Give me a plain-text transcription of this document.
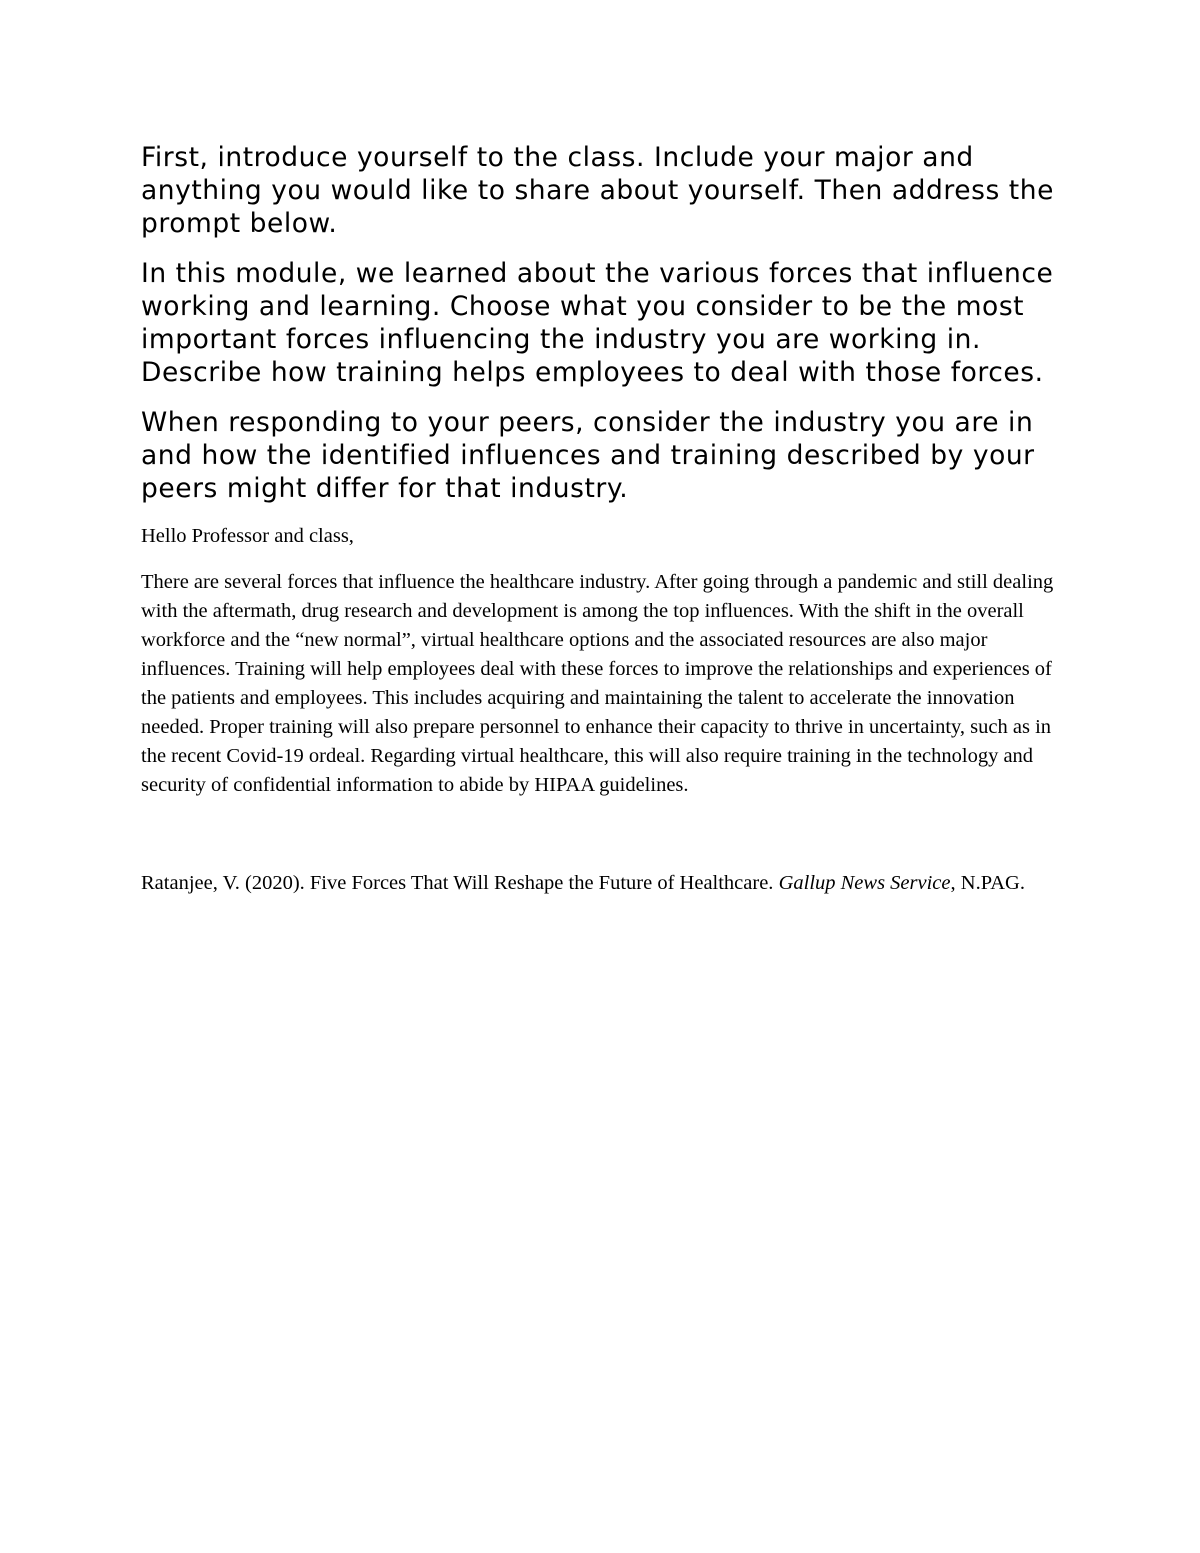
First, introduce yourself to the class. Include your major and anything you would like to share about yourself. Then address the prompt below.

In this module, we learned about the various forces that influence working and learning. Choose what you consider to be the most important forces influencing the industry you are working in. Describe how training helps employees to deal with those forces.

When responding to your peers, consider the industry you are in and how the identified influences and training described by your peers might differ for that industry.

Hello Professor and class,

There are several forces that influence the healthcare industry. After going through a pandemic and still dealing with the aftermath, drug research and development is among the top influences. With the shift in the overall workforce and the “new normal”, virtual healthcare options and the associated resources are also major influences. Training will help employees deal with these forces to improve the relationships and experiences of the patients and employees. This includes acquiring and maintaining the talent to accelerate the innovation needed. Proper training will also prepare personnel to enhance their capacity to thrive in uncertainty, such as in the recent Covid-19 ordeal. Regarding virtual healthcare, this will also require training in the technology and security of confidential information to abide by HIPAA guidelines.

Ratanjee, V. (2020). Five Forces That Will Reshape the Future of Healthcare. Gallup News Service, N.PAG.
